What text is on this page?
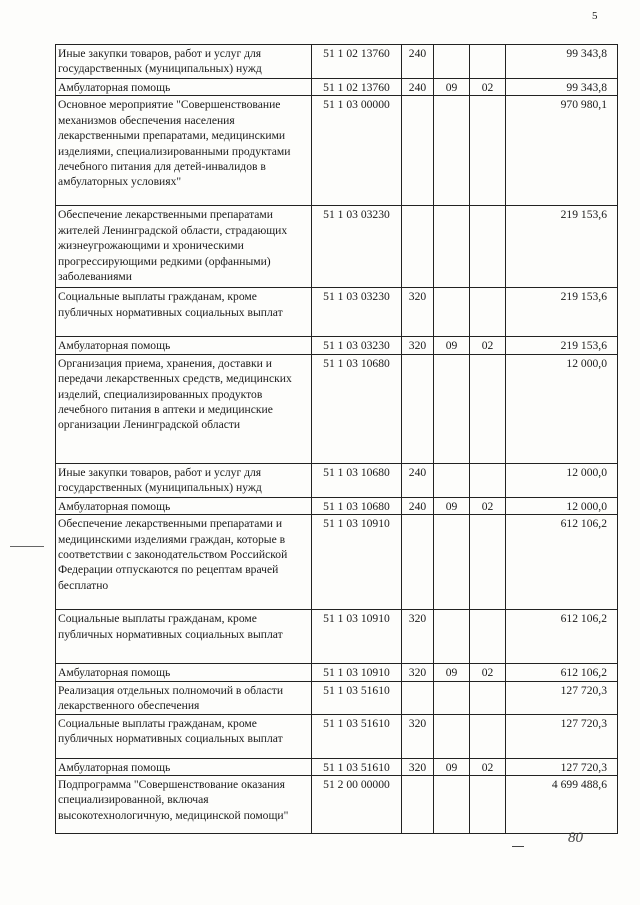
5
Иные закупки товаров, работ и услуг для государственных (муниципальных) нужд	51 1 02 13760	240			99 343,8
Амбулаторная помощь	51 1 02 13760	240	09	02	99 343,8
Основное мероприятие "Совершенствование механизмов обеспечения населения лекарственными препаратами, медицинскими изделиями, специализированными продуктами лечебного питания для детей-инвалидов в амбулаторных условиях"	51 1 03 00000				970 980,1
Обеспечение лекарственными препаратами жителей Ленинградской области, страдающих жизнеугрожающими и хроническими прогрессирующими редкими (орфанными) заболеваниями	51 1 03 03230				219 153,6
Социальные выплаты гражданам, кроме публичных нормативных социальных выплат	51 1 03 03230	320			219 153,6
Амбулаторная помощь	51 1 03 03230	320	09	02	219 153,6
Организация приема, хранения, доставки и передачи лекарственных средств, медицинских изделий, специализированных продуктов лечебного питания в аптеки и медицинские организации Ленинградской области	51 1 03 10680				12 000,0
Иные закупки товаров, работ и услуг для государственных (муниципальных) нужд	51 1 03 10680	240			12 000,0
Амбулаторная помощь	51 1 03 10680	240	09	02	12 000,0
Обеспечение лекарственными препаратами и медицинскими изделиями граждан, которые в соответствии с законодательством Российской Федерации отпускаются по рецептам врачей бесплатно	51 1 03 10910				612 106,2
Социальные выплаты гражданам, кроме публичных нормативных социальных выплат	51 1 03 10910	320			612 106,2
Амбулаторная помощь	51 1 03 10910	320	09	02	612 106,2
Реализация отдельных полномочий в области лекарственного обеспечения	51 1 03 51610				127 720,3
Социальные выплаты гражданам, кроме публичных нормативных социальных выплат	51 1 03 51610	320			127 720,3
Амбулаторная помощь	51 1 03 51610	320	09	02	127 720,3
Подпрограмма "Совершенствование оказания специализированной, включая высокотехнологичную, медицинской помощи"	51 2 00 00000				4 699 488,6
80
